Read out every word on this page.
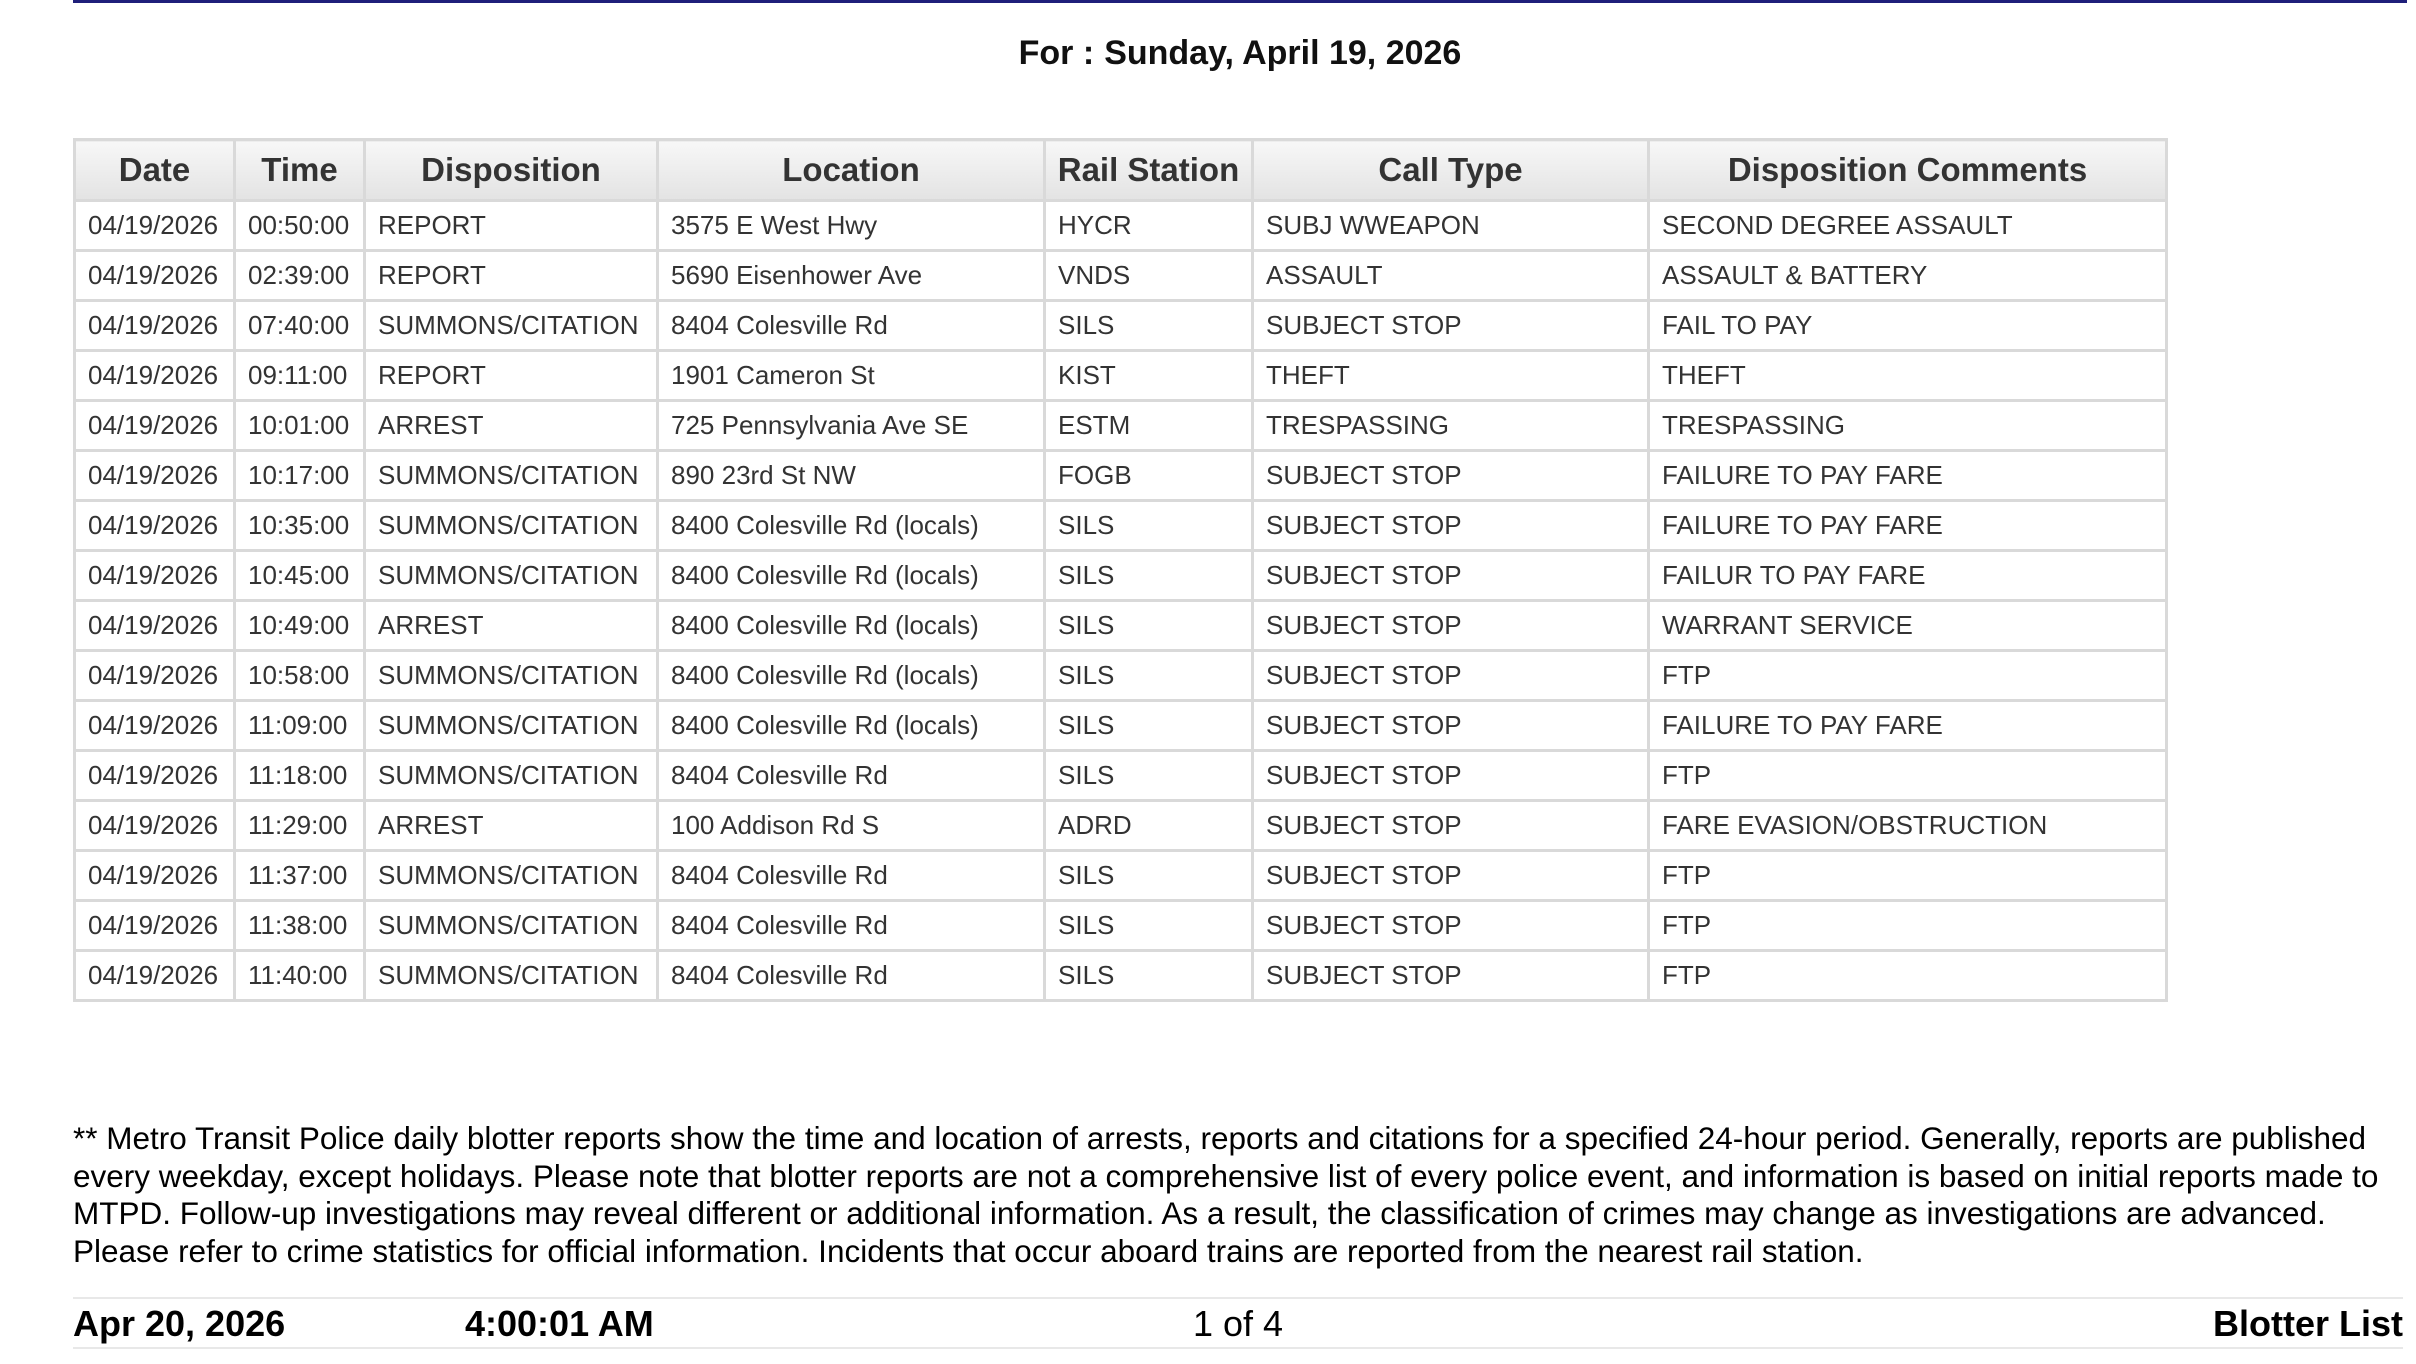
For : Sunday, April 19, 2026
Date	Time	Disposition	Location	Rail Station	Call Type	Disposition Comments
04/19/2026	00:50:00	REPORT	3575 E West Hwy	HYCR	SUBJ WWEAPON	SECOND DEGREE ASSAULT
04/19/2026	02:39:00	REPORT	5690 Eisenhower Ave	VNDS	ASSAULT	ASSAULT & BATTERY
04/19/2026	07:40:00	SUMMONS/CITATION	8404 Colesville Rd	SILS	SUBJECT STOP	FAIL TO PAY
04/19/2026	09:11:00	REPORT	1901 Cameron St	KIST	THEFT	THEFT
04/19/2026	10:01:00	ARREST	725 Pennsylvania Ave SE	ESTM	TRESPASSING	TRESPASSING
04/19/2026	10:17:00	SUMMONS/CITATION	890 23rd St NW	FOGB	SUBJECT STOP	FAILURE TO PAY FARE
04/19/2026	10:35:00	SUMMONS/CITATION	8400 Colesville Rd (locals)	SILS	SUBJECT STOP	FAILURE TO PAY FARE
04/19/2026	10:45:00	SUMMONS/CITATION	8400 Colesville Rd (locals)	SILS	SUBJECT STOP	FAILUR TO PAY FARE
04/19/2026	10:49:00	ARREST	8400 Colesville Rd (locals)	SILS	SUBJECT STOP	WARRANT SERVICE
04/19/2026	10:58:00	SUMMONS/CITATION	8400 Colesville Rd (locals)	SILS	SUBJECT STOP	FTP
04/19/2026	11:09:00	SUMMONS/CITATION	8400 Colesville Rd (locals)	SILS	SUBJECT STOP	FAILURE TO PAY FARE
04/19/2026	11:18:00	SUMMONS/CITATION	8404 Colesville Rd	SILS	SUBJECT STOP	FTP
04/19/2026	11:29:00	ARREST	100 Addison Rd S	ADRD	SUBJECT STOP	FARE EVASION/OBSTRUCTION
04/19/2026	11:37:00	SUMMONS/CITATION	8404 Colesville Rd	SILS	SUBJECT STOP	FTP
04/19/2026	11:38:00	SUMMONS/CITATION	8404 Colesville Rd	SILS	SUBJECT STOP	FTP
04/19/2026	11:40:00	SUMMONS/CITATION	8404 Colesville Rd	SILS	SUBJECT STOP	FTP
** Metro Transit Police daily blotter reports show the time and location of arrests, reports and citations for a specified 24-hour period. Generally, reports are published every weekday, except holidays. Please note that blotter reports are not a comprehensive list of every police event, and information is based on initial reports made to MTPD. Follow-up investigations may reveal different or additional information. As a result, the classification of crimes may change as investigations are advanced. Please refer to crime statistics for official information. Incidents that occur aboard trains are reported from the nearest rail station.
Apr 20, 2026	4:00:01 AM	1 of 4	Blotter List
